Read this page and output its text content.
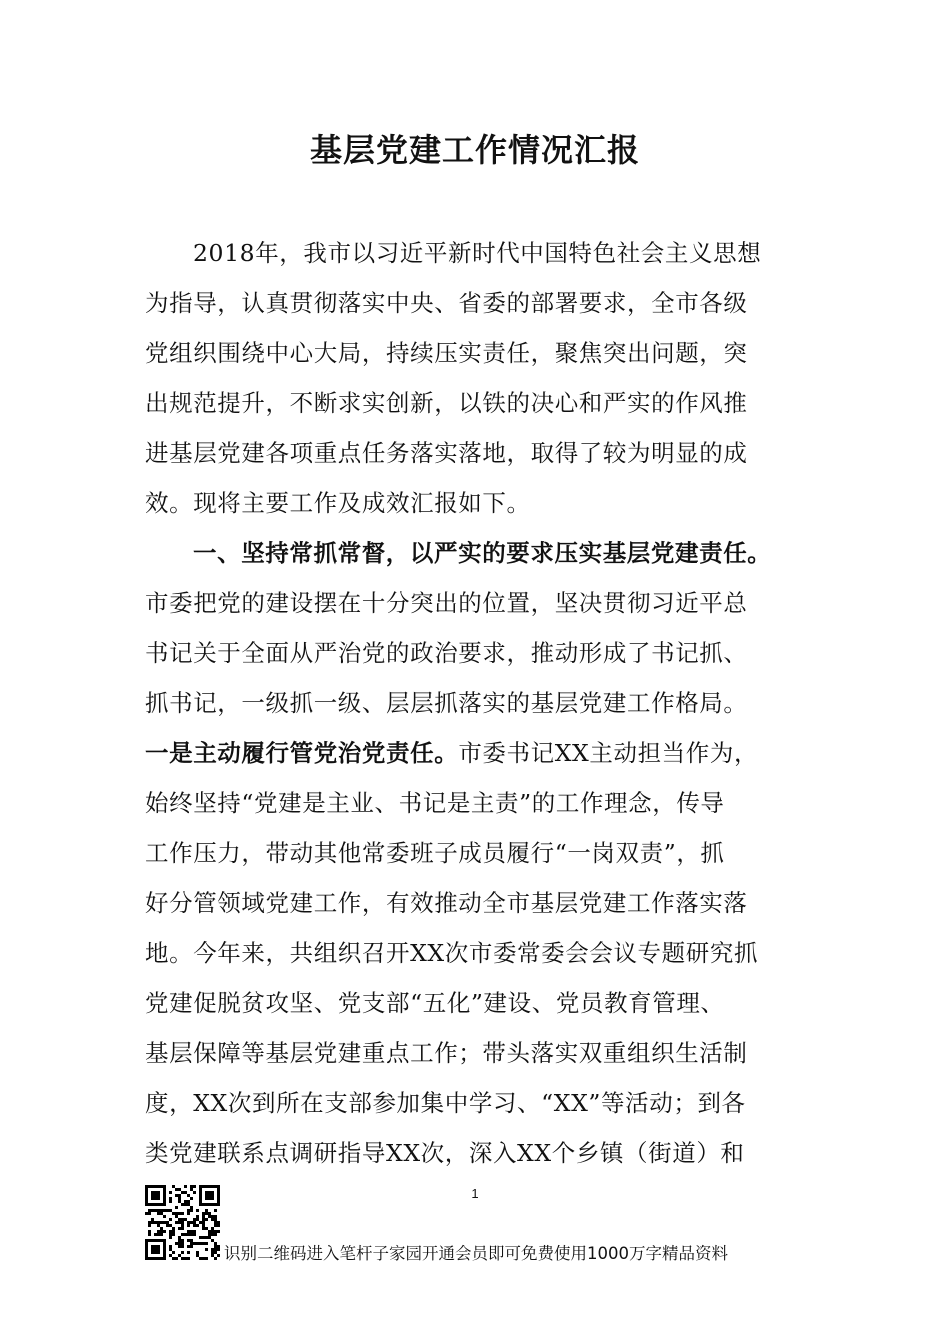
基层党建工作情况汇报
2018年，我市以习近平新时代中国特色社会主义思想
为指导，认真贯彻落实中央、省委的部署要求，全市各级
党组织围绕中心大局，持续压实责任，聚焦突出问题，突
出规范提升，不断求实创新，以铁的决心和严实的作风推
进基层党建各项重点任务落实落地，取得了较为明显的成
效。现将主要工作及成效汇报如下。
一、坚持常抓常督，以严实的要求压实基层党建责任。
市委把党的建设摆在十分突出的位置，坚决贯彻习近平总
书记关于全面从严治党的政治要求，推动形成了书记抓、
抓书记，一级抓一级、层层抓落实的基层党建工作格局。
一是主动履行管党治党责任。市委书记XX主动担当作为，
始终坚持“党建是主业、书记是主责”的工作理念，传导
工作压力，带动其他常委班子成员履行“一岗双责”，抓
好分管领域党建工作，有效推动全市基层党建工作落实落
地。今年来，共组织召开XX次市委常委会会议专题研究抓
党建促脱贫攻坚、党支部“五化”建设、党员教育管理、
基层保障等基层党建重点工作；带头落实双重组织生活制
度，XX次到所在支部参加集中学习、“XX”等活动；到各
类党建联系点调研指导XX次，深入XX个乡镇（街道）和
1
识别二维码进入笔杆子家园开通会员即可免费使用1000万字精品资料
